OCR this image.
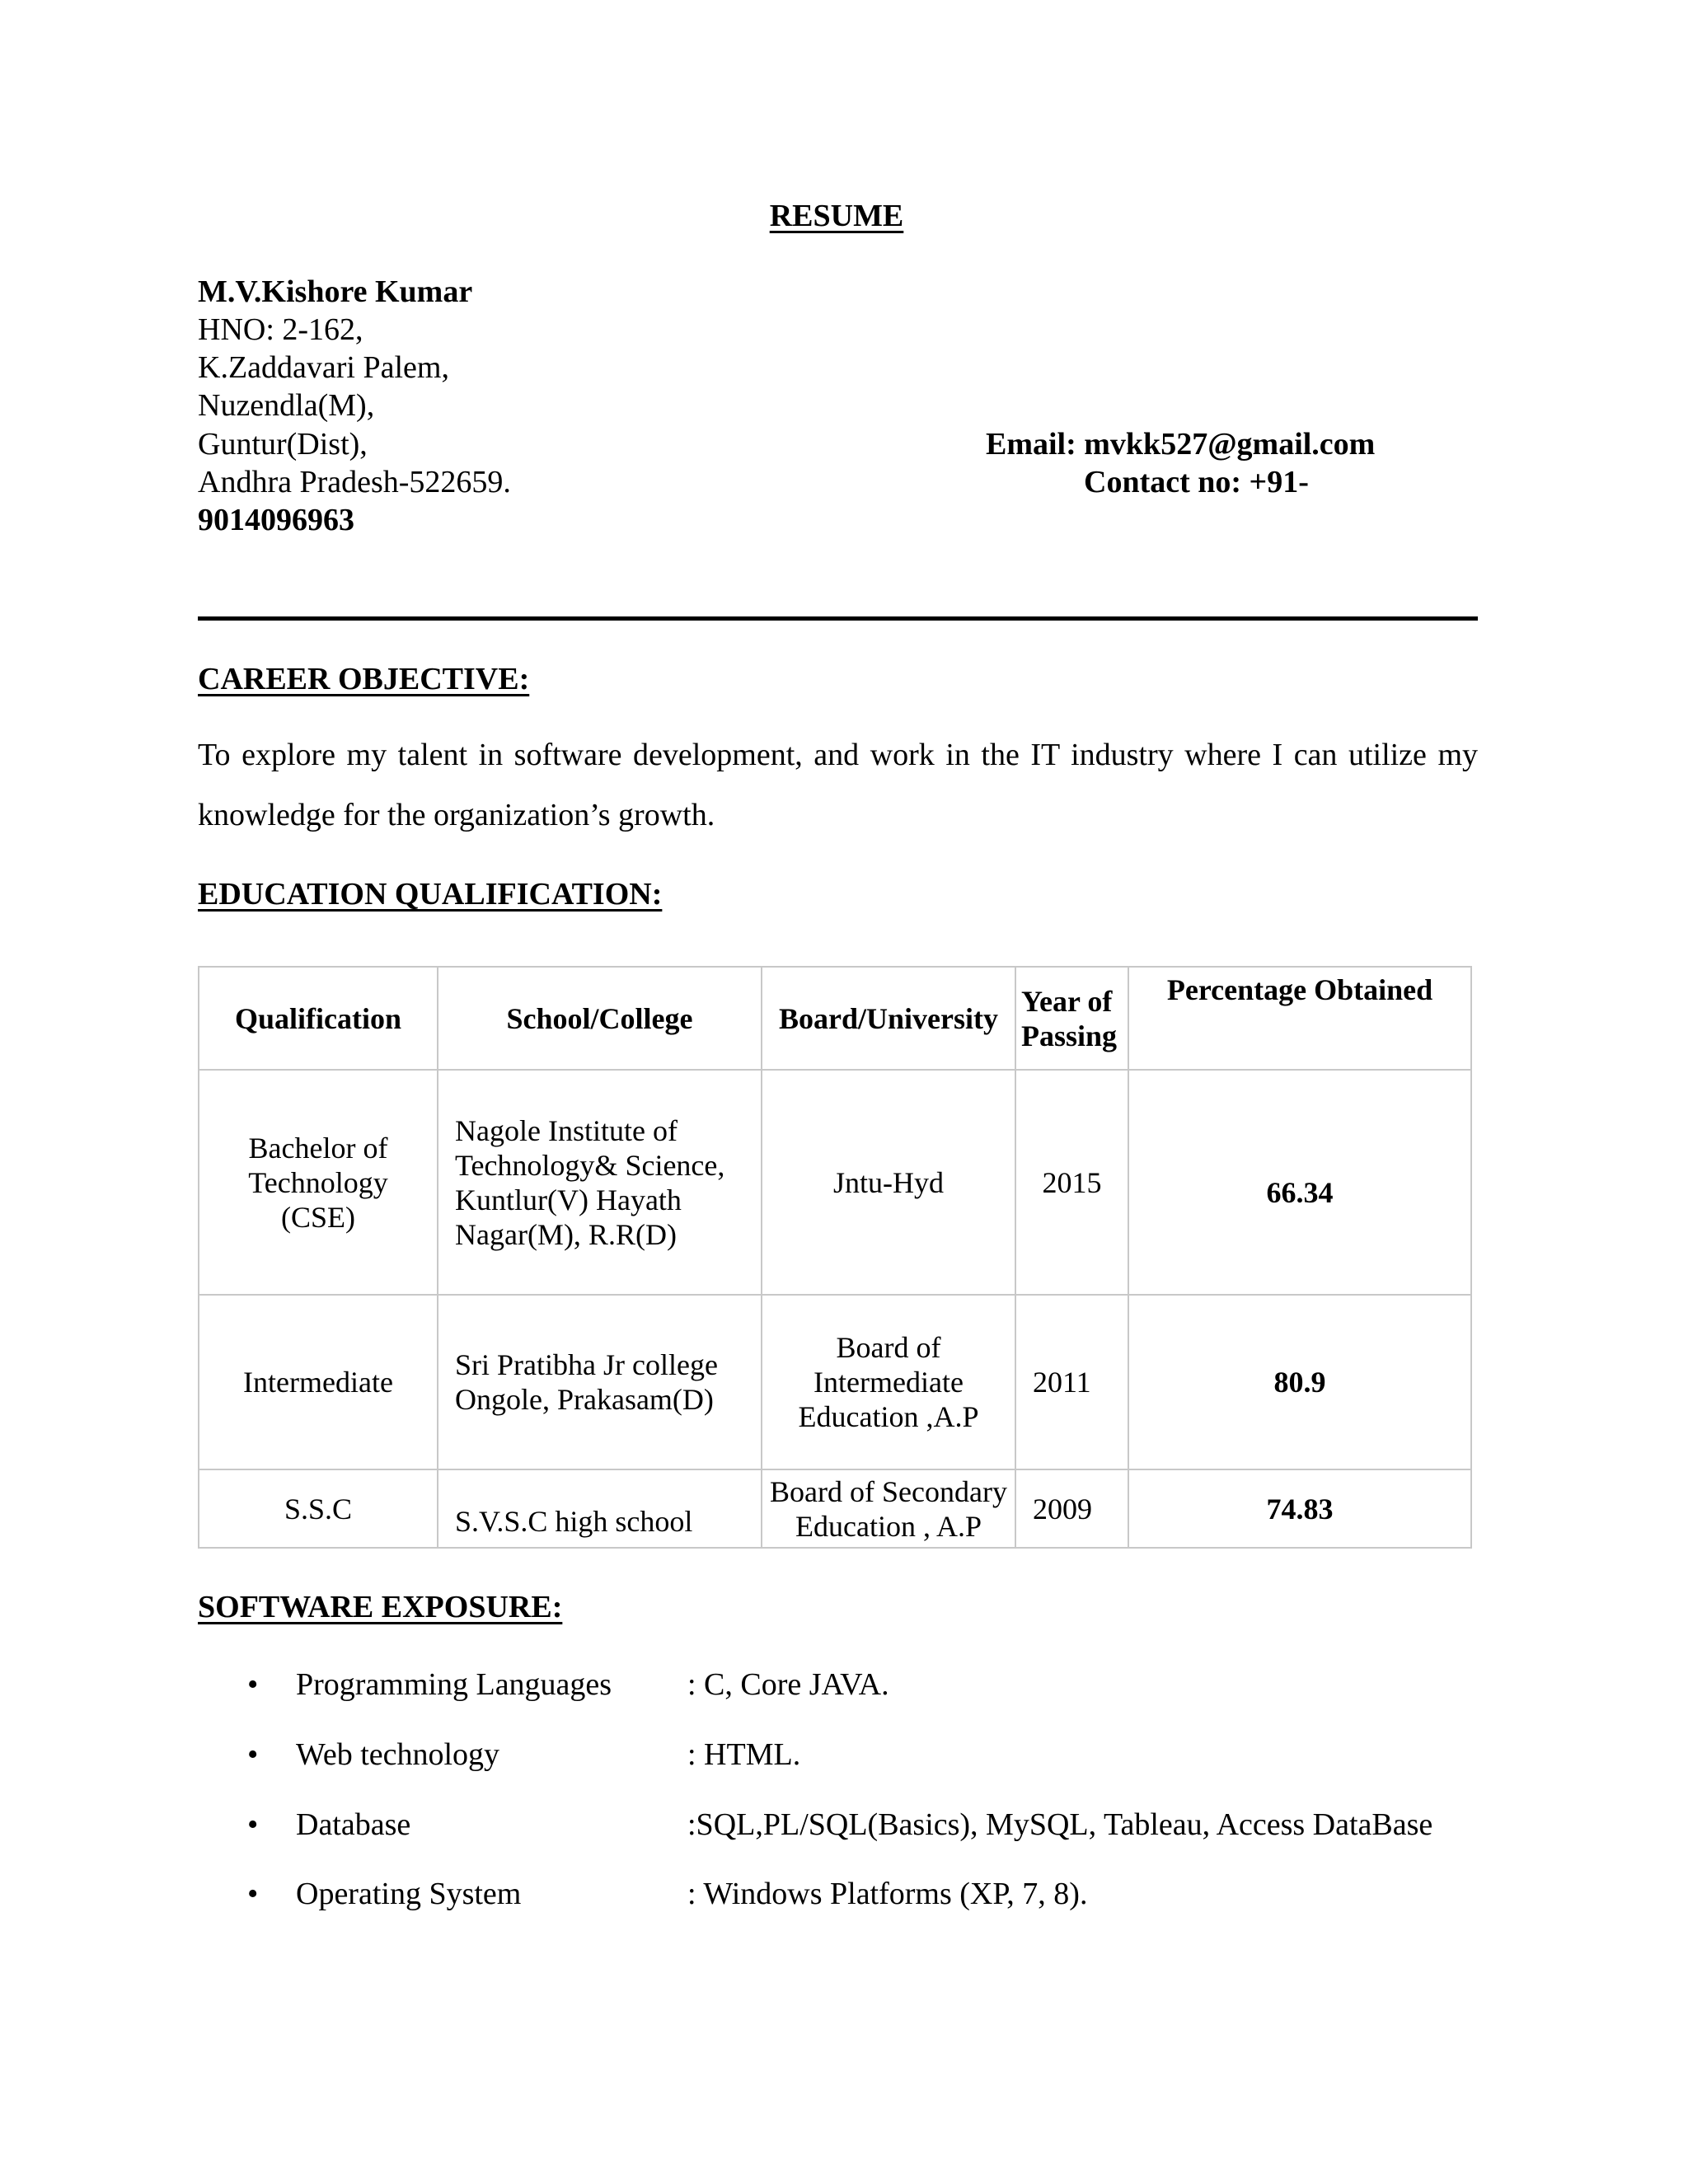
RESUME
M.V.Kishore Kumar
HNO: 2-162,
K.Zaddavari Palem,
Nuzendla(M),
Guntur(Dist),
Andhra Pradesh-522659.
Email: mvkk527@gmail.com
Contact no: +91-
9014096963
CAREER OBJECTIVE:
To explore my talent in software development, and work in the IT industry where I can utilize my knowledge for the organization’s growth.
EDUCATION QUALIFICATION:
Qualification	School/College	Board/University	Year of Passing	Percentage Obtained
Bachelor of Technology (CSE)	Nagole Institute of Technology& Science, Kuntlur(V) Hayath Nagar(M), R.R(D)	Jntu-Hyd	2015	66.34
Intermediate	Sri Pratibha Jr college Ongole, Prakasam(D)	Board of Intermediate Education ,A.P	2011	80.9
S.S.C	S.V.S.C high school	Board of Secondary Education , A.P	2009	74.83
SOFTWARE EXPOSURE:
• Programming Languages : C, Core JAVA.
• Web technology	: HTML.
• Database	:SQL,PL/SQL(Basics), MySQL, Tableau, Access DataBase
• Operating System	: Windows Platforms (XP, 7, 8).
